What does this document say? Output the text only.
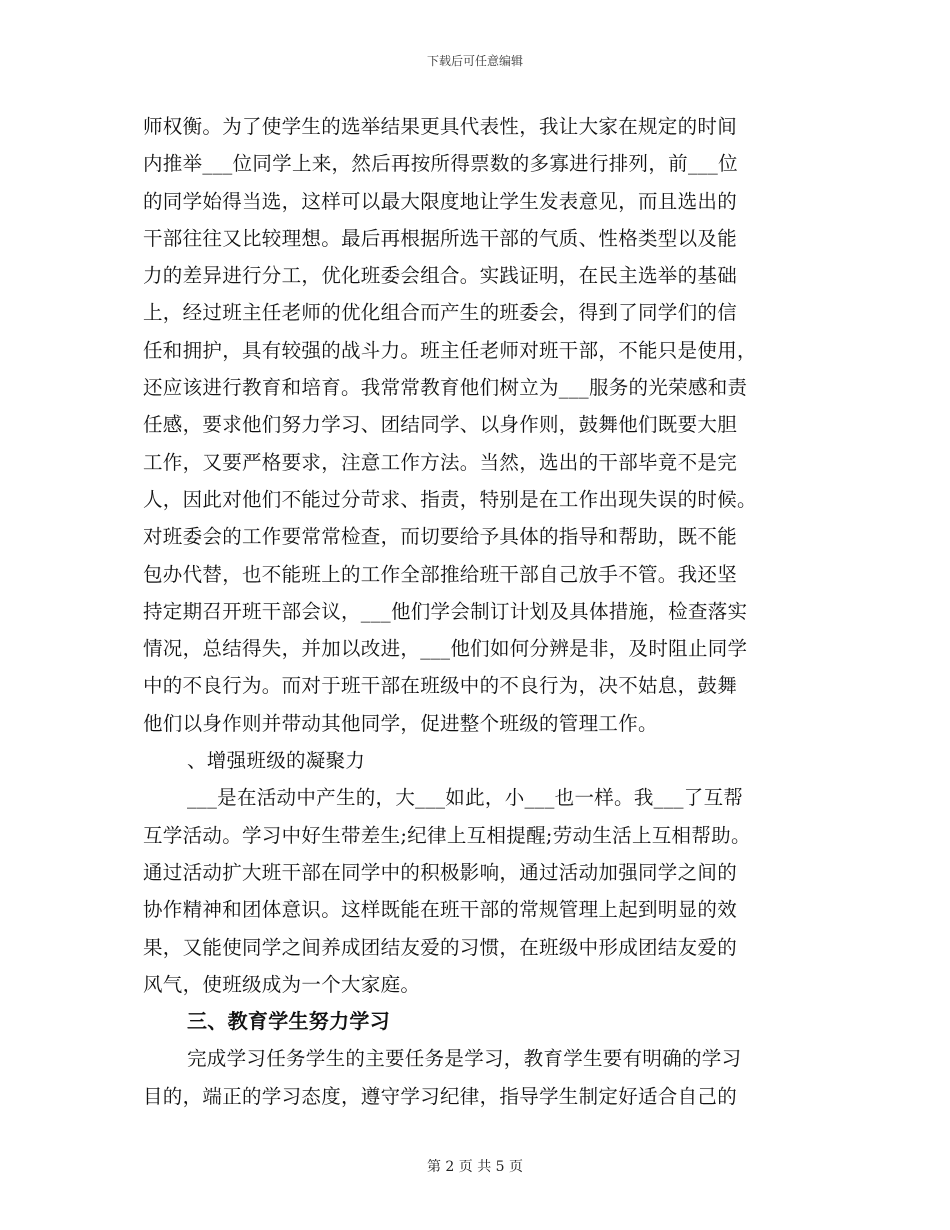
下载后可任意编辑
师权衡。为了使学生的选举结果更具代表性，我让大家在规定的时间
内推举___位同学上来，然后再按所得票数的多寡进行排列，前___位
的同学始得当选，这样可以最大限度地让学生发表意见，而且选出的
干部往往又比较理想。最后再根据所选干部的气质、性格类型以及能
力的差异进行分工，优化班委会组合。实践证明，在民主选举的基础
上，经过班主任老师的优化组合而产生的班委会，得到了同学们的信
任和拥护，具有较强的战斗力。班主任老师对班干部，不能只是使用，
还应该进行教育和培育。我常常教育他们树立为___服务的光荣感和责
任感，要求他们努力学习、团结同学、以身作则，鼓舞他们既要大胆
工作，又要严格要求，注意工作方法。当然，选出的干部毕竟不是完
人，因此对他们不能过分苛求、指责，特别是在工作出现失误的时候。
对班委会的工作要常常检查，而切要给予具体的指导和帮助，既不能
包办代替，也不能班上的工作全部推给班干部自己放手不管。我还坚
持定期召开班干部会议，___他们学会制订计划及具体措施，检查落实
情况，总结得失，并加以改进，___他们如何分辨是非，及时阻止同学
中的不良行为。而对于班干部在班级中的不良行为，决不姑息，鼓舞
他们以身作则并带动其他同学，促进整个班级的管理工作。
、增强班级的凝聚力
___是在活动中产生的，大___如此，小___也一样。我___了互帮
互学活动。学习中好生带差生;纪律上互相提醒;劳动生活上互相帮助。
通过活动扩大班干部在同学中的积极影响，通过活动加强同学之间的
协作精神和团体意识。这样既能在班干部的常规管理上起到明显的效
果，又能使同学之间养成团结友爱的习惯，在班级中形成团结友爱的
风气，使班级成为一个大家庭。
三、教育学生努力学习
完成学习任务学生的主要任务是学习，教育学生要有明确的学习
目的，端正的学习态度，遵守学习纪律，指导学生制定好适合自己的
第 2 页 共 5 页
